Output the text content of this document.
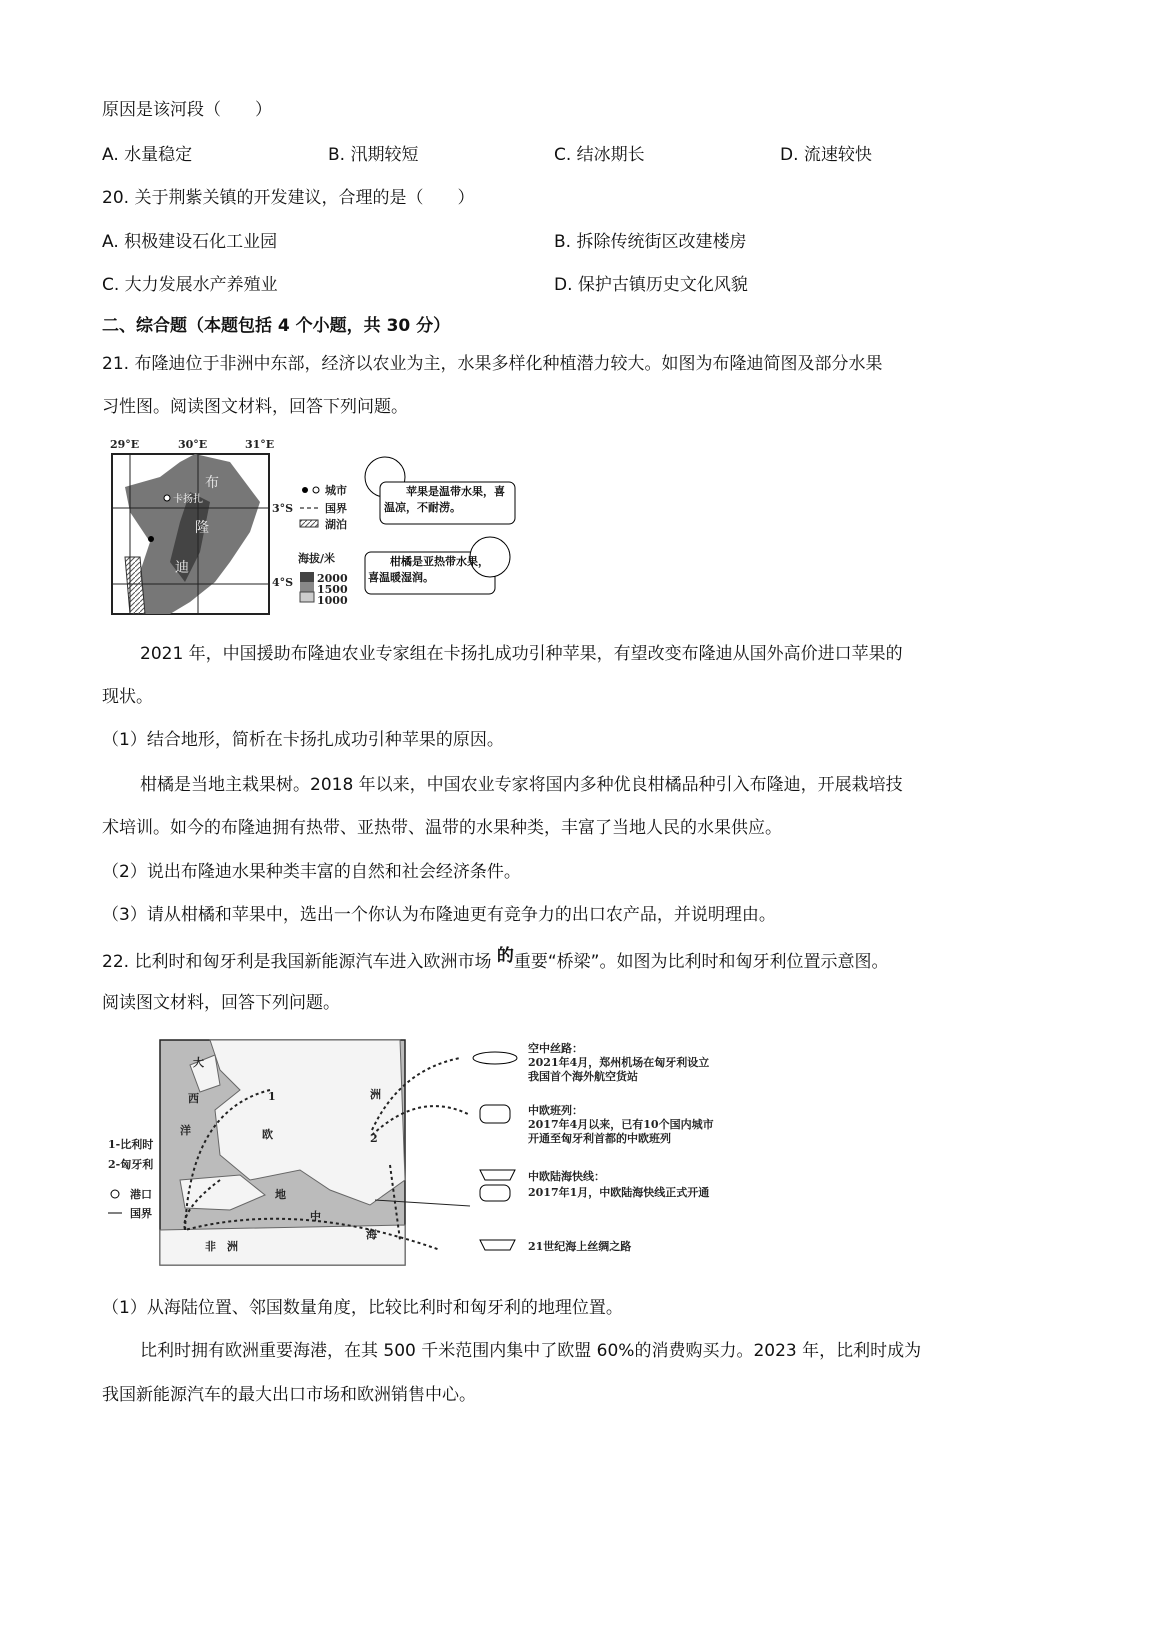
原因是该河段（　　）
A. 水量稳定	B. 汛期较短	C. 结冰期长	D. 流速较快
20. 关于荆紫关镇的开发建议，合理的是（　　）
A. 积极建设石化工业园	B. 拆除传统街区改建楼房
C. 大力发展水产养殖业	D. 保护古镇历史文化风貌
二、综合题（本题包括 4 个小题，共 30 分）
21. 布隆迪位于非洲中东部，经济以农业为主，水果多样化种植潜力较大。如图为布隆迪简图及部分水果
习性图。阅读图文材料，回答下列问题。
29°E	30°E	31°E
卡扬扎
布
隆
迪
3°S
4°S
城市
国界
湖泊
海拔/米
2000
1500
1000
苹果是温带水果，喜温凉，不耐涝。
柑橘是亚热带水果，喜温暖湿润。
2021 年，中国援助布隆迪农业专家组在卡扬扎成功引种苹果，有望改变布隆迪从国外高价进口苹果的
现状。
（1）结合地形，简析在卡扬扎成功引种苹果的原因。
柑橘是当地主栽果树。2018 年以来，中国农业专家将国内多种优良柑橘品种引入布隆迪，开展栽培技
术培训。如今的布隆迪拥有热带、亚热带、温带的水果种类，丰富了当地人民的水果供应。
（2）说出布隆迪水果种类丰富的自然和社会经济条件。
（3）请从柑橘和苹果中，选出一个你认为布隆迪更有竞争力的出口农产品，并说明理由。
22. 比利时和匈牙利是我国新能源汽车进入欧洲市场 的重要“桥梁”。如图为比利时和匈牙利位置示意图。
阅读图文材料，回答下列问题。
大
西
洋	欧
洲
地
中
海
非　洲
1
2
1-比利时
2-匈牙利
港口
国界
空中丝路：
2021年4月，郑州机场在匈牙利设立
我国首个海外航空货站
中欧班列：
2017年4月以来，已有10个国内城市
开通至匈牙利首都的中欧班列
中欧陆海快线：
2017年1月，中欧陆海快线正式开通
21世纪海上丝绸之路
（1）从海陆位置、邻国数量角度，比较比利时和匈牙利的地理位置。
比利时拥有欧洲重要海港，在其 500 千米范围内集中了欧盟 60%的消费购买力。2023 年，比利时成为
我国新能源汽车的最大出口市场和欧洲销售中心。
